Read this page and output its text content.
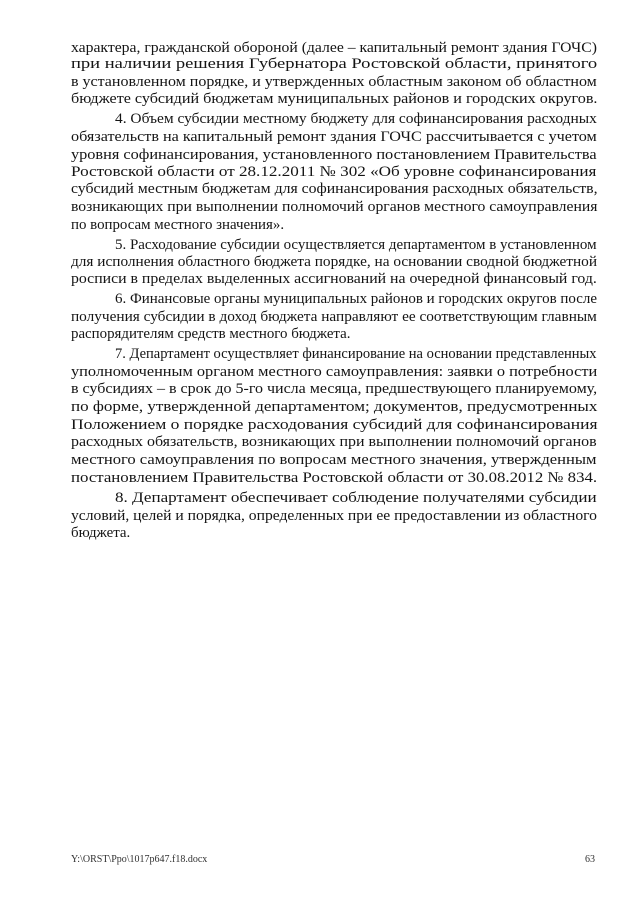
характера, гражданской обороной (далее – капитальный ремонт здания ГОЧС)
при наличии решения Губернатора Ростовской области, принятого
в установленном порядке, и утвержденных областным законом об областном
бюджете субсидий бюджетам муниципальных районов и городских округов.
4. Объем субсидии местному бюджету для софинансирования расходных
обязательств на капитальный ремонт здания ГОЧС рассчитывается с учетом
уровня софинансирования, установленного постановлением Правительства
Ростовской области от 28.12.2011 № 302 «Об уровне софинансирования
субсидий местным бюджетам для софинансирования расходных обязательств,
возникающих при выполнении полномочий органов местного самоуправления
по вопросам местного значения».
5. Расходование субсидии осуществляется департаментом в установленном
для исполнения областного бюджета порядке, на основании сводной бюджетной
росписи в пределах выделенных ассигнований на очередной финансовый год.
6. Финансовые органы муниципальных районов и городских округов после
получения субсидии в доход бюджета направляют ее соответствующим главным
распорядителям средств местного бюджета.
7. Департамент осуществляет финансирование на основании представленных
уполномоченным органом местного самоуправления: заявки о потребности
в субсидиях – в срок до 5-го числа месяца, предшествующего планируемому,
по форме, утвержденной департаментом; документов, предусмотренных
Положением о порядке расходования субсидий для софинансирования
расходных обязательств, возникающих при выполнении полномочий органов
местного самоуправления по вопросам местного значения, утвержденным
постановлением Правительства Ростовской области от 30.08.2012 № 834.
8. Департамент обеспечивает соблюдение получателями субсидии
условий, целей и порядка, определенных при ее предоставлении из областного
бюджета.
Y:\ORST\Ppo\1017p647.f18.docx	63
